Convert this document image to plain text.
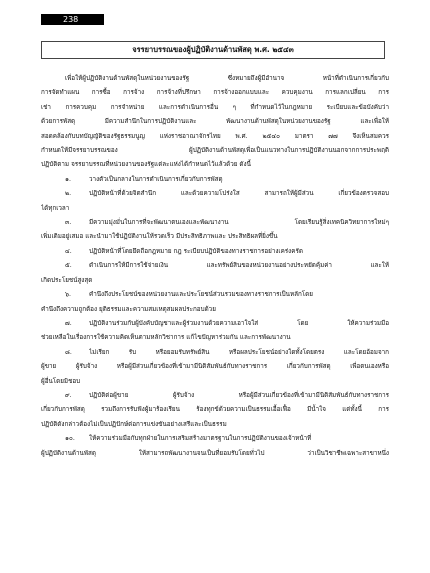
238
จรรยาบรรณของผู้ปฏิบัติงานด้านพัสดุ พ.ศ. ๒๕๔๓
เพื่อให้ผู้ปฏิบัติงานด้านพัสดุในหน่วยงานของรัฐ ซึ่งหมายถึงผู้มีอำนาจ หน้าที่ดำเนินการเกี่ยวกับ
การจัดทำแผน การซื้อ การจ้าง การจ้างที่ปรึกษา การจ้างออกแบบและ ควบคุมงาน การแลกเปลี่ยน การ
เช่า การควบคุม การจำหน่าย และการดำเนินการอื่น ๆ ที่กำหนดไว้ในกฎหมาย ระเบียบและข้อบังคับว่า
ด้วยการพัสดุ มีความสำนึกในการปฏิบัติงานและ พัฒนางานด้านพัสดุในหน่วยงานของรัฐ และเพื่อให้
สอดคล้องกับบทบัญญัติของรัฐธรรมนูญ แห่งราชอาณาจักรไทย พ.ศ. ๒๕๔๐ มาตรา ๗๗ จึงเห็นสมควร
กำหนดให้มีจรรยาบรรณของ ผู้ปฏิบัติงานด้านพัสดุเพื่อเป็นแนวทางในการปฏิบัติงานนอกจากการประพฤติ
ปฏิบัติตาม จรรยาบรรณที่หน่วยงานของรัฐแต่ละแห่งได้กำหนดไว้แล้วด้วย ดังนี้
๑.	วางตัวเป็นกลางในการดำเนินการเกี่ยวกับการพัสดุ
๒.	ปฏิบัติหน้าที่ด้วยจิตสำนึก และด้วยความโปร่งใส สามารถให้ผู้มีส่วน เกี่ยวข้องตรวจสอบ
ได้ทุกเวลา
๓.	มีความมุ่งมั่นในการที่จะพัฒนาตนเองและพัฒนางาน โดยเรียนรู้สิ่งเทคนิควิทยาการใหม่ๆ
เพิ่มเติมอยู่เสมอ และนำมาใช้ปฏิบัติงานให้รวดเร็ว มีประสิทธิภาพและ ประสิทธิผลที่ยิ่งขึ้น
๔.	ปฏิบัติหน้าที่โดยยึดถือกฎหมาย กฎ ระเบียบปฏิบัติของทางราชการอย่างเคร่งครัด
๕.	ดำเนินการให้มีการใช้จ่ายเงิน และทรัพย์สินของหน่วยงานอย่างประหยัดคุ้มค่า และให้
เกิดประโยชน์สูงสุด
๖.	คำนึงถึงประโยชน์ของหน่วยงานและประโยชน์ส่วนรวมของทางราชการเป็นหลักโดย
คำนึงถึงความถูกต้อง ยุติธรรมและความสมเหตุสมผลประกอบด้วย
๗.	ปฏิบัติงานร่วมกับผู้บังคับบัญชาและผู้ร่วมงานด้วยความเอาใจใส่ โดย ให้ความร่วมมือ
ช่วยเหลือในเรื่องการใช้ความคิดเห็นตามหลักวิชาการ แก้ไขปัญหาร่วมกัน และการพัฒนางาน
๘.	ไม่เรียก รับ หรือยอมรับทรัพย์สิน หรือผลประโยชน์อย่างใดทั้งโดยตรง และโดยอ้อมจาก
ผู้ขาย ผู้รับจ้าง หรือผู้มีส่วนเกี่ยวข้องที่เข้ามามีนิติสัมพันธ์กับทางราชการ เกี่ยวกับการพัสดุ เพื่อตนเองหรือ
ผู้อื่นโดยมิชอบ
๙.	ปฏิบัติต่อผู้ขาย ผู้รับจ้าง หรือผู้มีส่วนเกี่ยวข้องที่เข้ามามีนิติสัมพันธ์กับทางราชการ
เกี่ยวกับการพัสดุ รวมถึงการรับฟังผู้มาร้องเรียน ร้องทุกข์ด้วยความเป็นธรรมเอื้อเฟื้อ มีน้ำใจ แต่ทั้งนี้ การ
ปฏิบัติดังกล่าวต้องไม่เป็นปฏิปักษ์ต่อการแข่งขันอย่างเสรีและเป็นธรรม
๑๐.	ให้ความร่วมมือกับทุกฝ่ายในการเสริมสร้างมาตรฐานในการปฏิบัติงานของเจ้าหน้าที่
ผู้ปฏิบัติงานด้านพัสดุ ให้สามารถพัฒนางานจนเป็นที่ยอมรับโดยทั่วไป ว่าเป็นวิชาชีพเฉพาะสาขาหนึ่ง
